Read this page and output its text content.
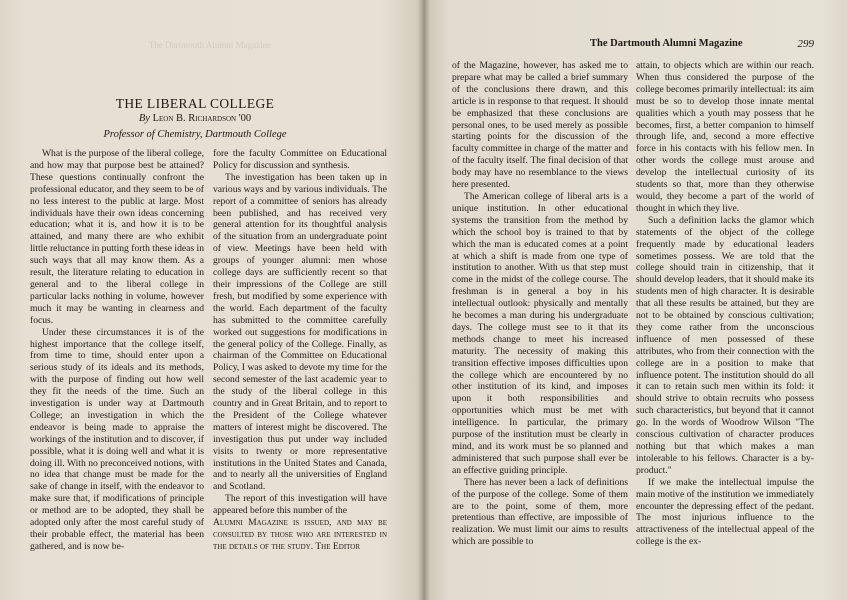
The Dartmouth Alumni Magazine
THE LIBERAL COLLEGE
By Leon B. Richardson '00
Professor of Chemistry, Dartmouth College

What is the purpose of the liberal college, and how may that purpose best be attained? These questions continually confront the professional educator, and they seem to be of no less interest to the public at large. Most individuals have their own ideas concerning education; what it is, and how it is to be attained, and many there are who exhibit little reluctance in putting forth these ideas in such ways that all may know them. As a result, the literature relating to education in general and to the liberal college in particular lacks nothing in volume, however much it may be wanting in clearness and focus.

Under these circumstances it is of the highest importance that the college itself, from time to time, should enter upon a serious study of its ideals and its methods, with the purpose of finding out how well they fit the needs of the time. Such an investigation is under way at Dartmouth College; an investigation in which the endeavor is being made to appraise the workings of the institution and to discover, if possible, what it is doing well and what it is doing ill. With no preconceived notions, with no idea that change must be made for the sake of change in itself, with the endeavor to make sure that, if modifications of principle or method are to be adopted, they shall be adopted only after the most careful study of their probable effect, the material has been gathered, and is now be-

fore the faculty Committee on Educational Policy for discussion and synthesis.

The investigation has been taken up in various ways and by various individuals. The report of a committee of seniors has already been published, and has received very general attention for its thoughtful analysis of the situation from an undergraduate point of view. Meetings have been held with groups of younger alumni: men whose college days are sufficiently recent so that their impressions of the College are still fresh, but modified by some experience with the world. Each department of the faculty has submitted to the committee carefully worked out suggestions for modifications in the general policy of the College. Finally, as chairman of the Committee on Educational Policy, I was asked to devote my time for the second semester of the last academic year to the study of the liberal college in this country and in Great Britain, and to report to the President of the College whatever matters of interest might be discovered. The investigation thus put under way included visits to twenty or more representative institutions in the United States and Canada, and to nearly all the universities of England and Scotland.

The report of this investigation will have appeared before this number of the

Alumni Magazine is issued, and may be consulted by those who are interested in the details of the study. The Editor

The Dartmouth Alumni Magazine	299

of the Magazine, however, has asked me to prepare what may be called a brief summary of the conclusions there drawn, and this article is in response to that request. It should be emphasized that these conclusions are personal ones, to be used merely as possible starting points for the discussion of the faculty committee in charge of the matter and of the faculty itself. The final decision of that body may have no resemblance to the views here presented.

The American college of liberal arts is a unique institution. In other educational systems the transition from the method by which the school boy is trained to that by which the man is educated comes at a point at which a shift is made from one type of institution to another. With us that step must come in the midst of the college course. The freshman is in general a boy in his intellectual outlook: physically and mentally he becomes a man during his undergraduate days. The college must see to it that its methods change to meet his increased maturity. The necessity of making this transition effective imposes difficulties upon the college which are encountered by no other institution of its kind, and imposes upon it both responsibilities and opportunities which must be met with intelligence. In particular, the primary purpose of the institution must be clearly in mind, and its work must be so planned and administered that such purpose shall ever be an effective guiding principle.

There has never been a lack of definitions of the purpose of the college. Some of them are to the point, some of them, more pretentious than effective, are impossible of realization. We must limit our aims to results which are possible to

attain, to objects which are within our reach. When thus considered the purpose of the college becomes primarily intellectual: its aim must be so to develop those innate mental qualities which a youth may possess that he becomes, first, a better companion to himself through life, and, second a more effective force in his contacts with his fellow men. In other words the college must arouse and develop the intellectual curiosity of its students so that, more than they otherwise would, they become a part of the world of thought in which they live.

Such a definition lacks the glamor which statements of the object of the college frequently made by educational leaders sometimes possess. We are told that the college should train in citizenship, that it should develop leaders, that it should make its students men of high character. It is desirable that all these results be attained, but they are not to be obtained by conscious cultivation; they come rather from the unconscious influence of men possessed of these attributes, who from their connection with the college are in a position to make that influence potent. The institution should do all it can to retain such men within its fold: it should strive to obtain recruits who possess such characteristics, but beyond that it cannot go. In the words of Woodrow Wilson "The conscious cultivation of character produces nothing but that which makes a man intolerable to his fellows. Character is a by-product."

If we make the intellectual impulse the main motive of the institution we immediately encounter the depressing effect of the pedant. The most injurious influence to the attractiveness of the intellectual appeal of the college is the ex-
